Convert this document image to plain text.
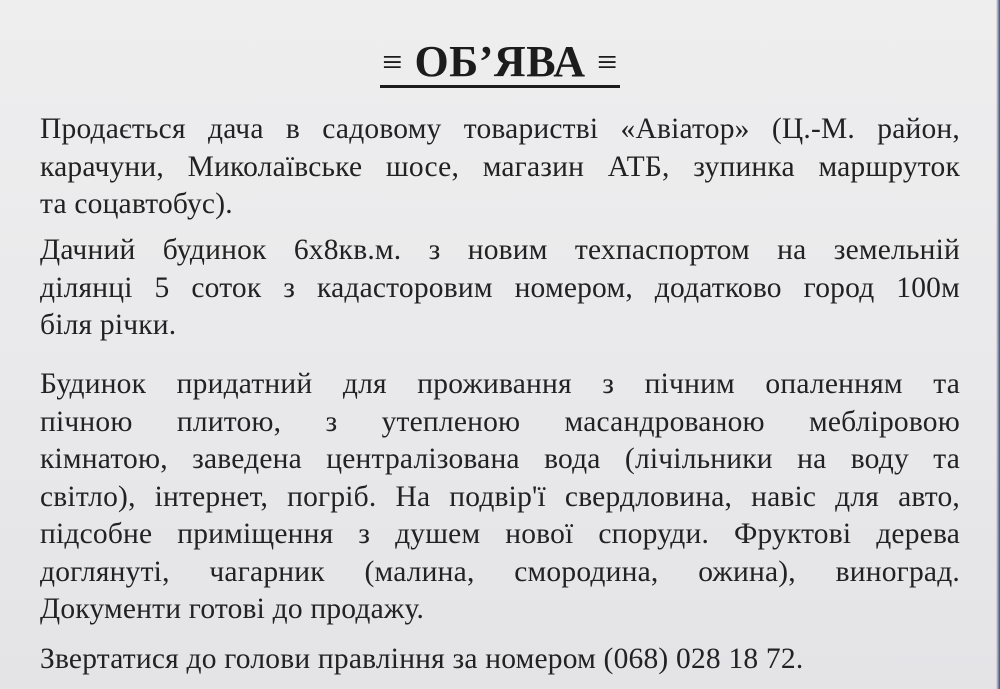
≡ ОБ’ЯВА ≡

Продається дача в садовому товаристві «Авіатор» (Ц.-М. район,
карачуни, Миколаївське шосе, магазин АТБ, зупинка маршруток
та соцавтобус).

Дачний будинок 6х8кв.м. з новим техпаспортом на земельній
ділянці 5 соток з кадасторовим номером, додатково город 100м
біля річки.

Будинок придатний для проживання з пічним опаленням та
пічною плитою, з утепленою масандрованою мебліровою
кімнатою, заведена централізована вода (лічільники на воду та
світло), інтернет, погріб. На подвір'ї свердловина, навіс для авто,
підсобне приміщення з душем нової споруди. Фруктові дерева
доглянуті, чагарник (малина, смородина, ожина), виноград.
Документи готові до продажу.

Звертатися до голови правління за номером (068) 028 18 72.
